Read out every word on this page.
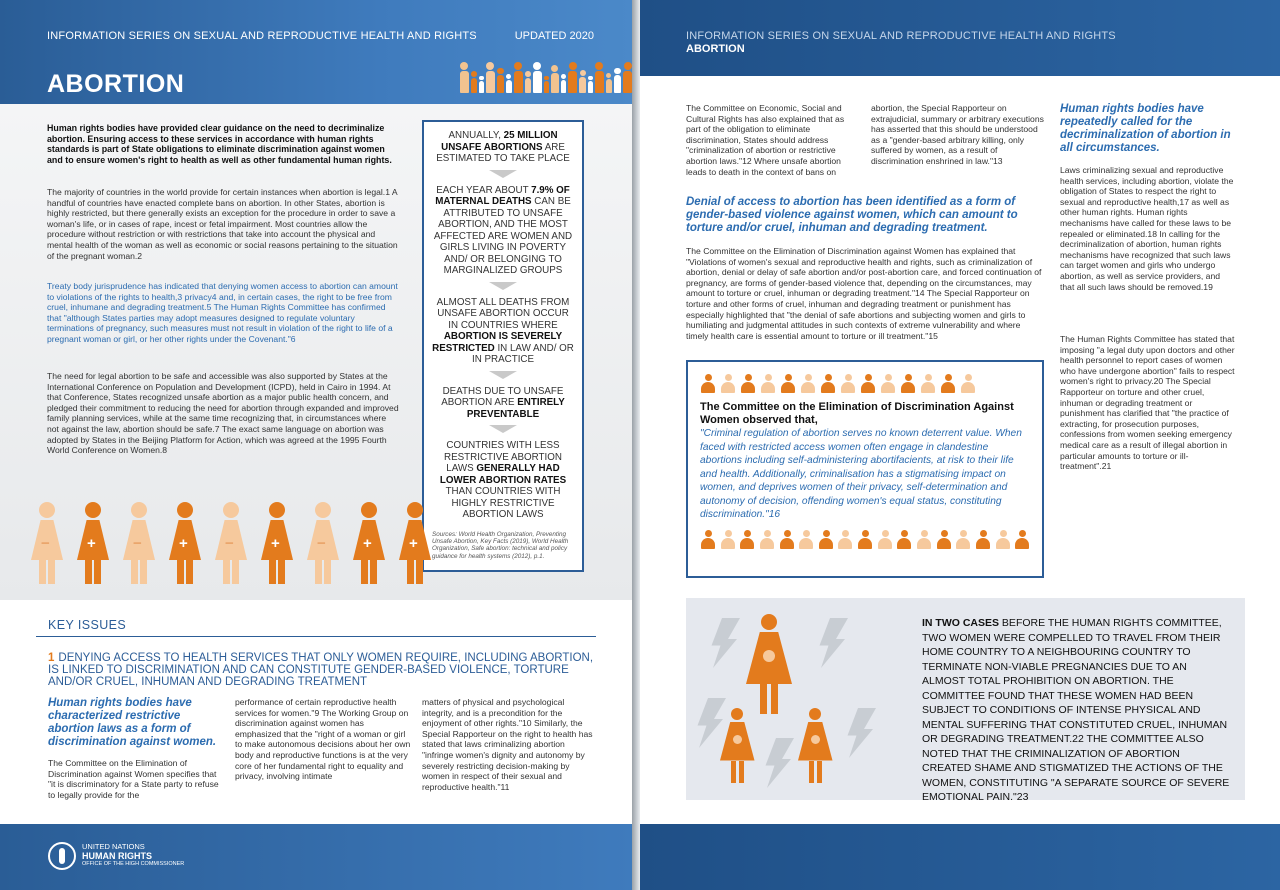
INFORMATION SERIES ON SEXUAL AND REPRODUCTIVE HEALTH AND RIGHTS	UPDATED 2020
ABORTION
Human rights bodies have provided clear guidance on the need to decriminalize abortion. Ensuring access to these services in accordance with human rights standards is part of State obligations to eliminate discrimination against women and to ensure women's right to health as well as other fundamental human rights.
The majority of countries in the world provide for certain instances when abortion is legal.1 A handful of countries have enacted complete bans on abortion. In other States, abortion is highly restricted, but there generally exists an exception for the procedure in order to save a woman's life, or in cases of rape, incest or fetal impairment. Most countries allow the procedure without restriction or with restrictions that take into account the physical and mental health of the woman as well as economic or social reasons pertaining to the situation of the pregnant woman.2
Treaty body jurisprudence has indicated that denying women access to abortion can amount to violations of the rights to health,3 privacy4 and, in certain cases, the right to be free from cruel, inhumane and degrading treatment.5 The Human Rights Committee has confirmed that "although States parties may adopt measures designed to regulate voluntary terminations of pregnancy, such measures must not result in violation of the right to life of a pregnant woman or girl, or her other rights under the Covenant."6
The need for legal abortion to be safe and accessible was also supported by States at the International Conference on Population and Development (ICPD), held in Cairo in 1994. At that Conference, States recognized unsafe abortion as a major public health concern, and pledged their commitment to reducing the need for abortion through expanded and improved family planning services, while at the same time recognizing that, in circumstances where not against the law, abortion should be safe.7 The exact same language on abortion was adopted by States in the Beijing Platform for Action, which was agreed at the 1995 Fourth World Conference on Women.8
ANNUALLY, 25 MILLION UNSAFE ABORTIONS ARE ESTIMATED TO TAKE PLACE
EACH YEAR ABOUT 7.9% OF MATERNAL DEATHS CAN BE ATTRIBUTED TO UNSAFE ABORTION, AND THE MOST AFFECTED ARE WOMEN AND GIRLS LIVING IN POVERTY AND/ OR BELONGING TO MARGINALIZED GROUPS
ALMOST ALL DEATHS FROM UNSAFE ABORTION OCCUR IN COUNTRIES WHERE ABORTION IS SEVERELY RESTRICTED IN LAW AND/ OR IN PRACTICE
DEATHS DUE TO UNSAFE ABORTION ARE ENTIRELY PREVENTABLE
COUNTRIES WITH LESS RESTRICTIVE ABORTION LAWS GENERALLY HAD LOWER ABORTION RATES THAN COUNTRIES WITH HIGHLY RESTRICTIVE ABORTION LAWS
Sources: World Health Organization, Preventing Unsafe Abortion, Key Facts (2019), World Health Organization, Safe abortion: technical and policy guidance for health systems (2012), p.1.
− + − + − + − + +
KEY ISSUES
1 DENYING ACCESS TO HEALTH SERVICES THAT ONLY WOMEN REQUIRE, INCLUDING ABORTION, IS LINKED TO DISCRIMINATION AND CAN CONSTITUTE GENDER-BASED VIOLENCE, TORTURE AND/OR CRUEL, INHUMAN AND DEGRADING TREATMENT
Human rights bodies have characterized restrictive abortion laws as a form of discrimination against women.
The Committee on the Elimination of Discrimination against Women specifies that "it is discriminatory for a State party to refuse to legally provide for the
performance of certain reproductive health services for women."9 The Working Group on discrimination against women has emphasized that the "right of a woman or girl to make autonomous decisions about her own body and reproductive functions is at the very core of her fundamental right to equality and privacy, involving intimate
matters of physical and psychological integrity, and is a precondition for the enjoyment of other rights."10 Similarly, the Special Rapporteur on the right to health has stated that laws criminalizing abortion "infringe women's dignity and autonomy by severely restricting decision-making by women in respect of their sexual and reproductive health."11
UNITED NATIONS
HUMAN RIGHTS
OFFICE OF THE HIGH COMMISSIONER
INFORMATION SERIES ON SEXUAL AND REPRODUCTIVE HEALTH AND RIGHTS
ABORTION
The Committee on Economic, Social and Cultural Rights has also explained that as part of the obligation to eliminate discrimination, States should address "criminalization of abortion or restrictive abortion laws."12 Where unsafe abortion leads to death in the context of bans on
abortion, the Special Rapporteur on extrajudicial, summary or arbitrary executions has asserted that this should be understood as a "gender-based arbitrary killing, only suffered by women, as a result of discrimination enshrined in law."13
Denial of access to abortion has been identified as a form of gender-based violence against women, which can amount to torture and/or cruel, inhuman and degrading treatment.
The Committee on the Elimination of Discrimination against Women has explained that "Violations of women's sexual and reproductive health and rights, such as criminalization of abortion, denial or delay of safe abortion and/or post-abortion care, and forced continuation of pregnancy, are forms of gender-based violence that, depending on the circumstances, may amount to torture or cruel, inhuman or degrading treatment."14 The Special Rapporteur on torture and other forms of cruel, inhuman and degrading treatment or punishment has especially highlighted that "the denial of safe abortions and subjecting women and girls to humiliating and judgmental attitudes in such contexts of extreme vulnerability and where timely health care is essential amount to torture or ill treatment."15
The Committee on the Elimination of Discrimination Against Women observed that,
"Criminal regulation of abortion serves no known deterrent value. When faced with restricted access women often engage in clandestine abortions including self-administering abortifacients, at risk to their life and health. Additionally, criminalisation has a stigmatising impact on women, and deprives women of their privacy, self-determination and autonomy of decision, offending women's equal status, constituting discrimination."16
Human rights bodies have repeatedly called for the decriminalization of abortion in all circumstances.
Laws criminalizing sexual and reproductive health services, including abortion, violate the obligation of States to respect the right to sexual and reproductive health,17 as well as other human rights. Human rights mechanisms have called for these laws to be repealed or eliminated.18 In calling for the decriminalization of abortion, human rights mechanisms have recognized that such laws can target women and girls who undergo abortion, as well as service providers, and that all such laws should be removed.19
The Human Rights Committee has stated that imposing "a legal duty upon doctors and other health personnel to report cases of women who have undergone abortion" fails to respect women's right to privacy.20 The Special Rapporteur on torture and other cruel, inhuman or degrading treatment or punishment has clarified that "the practice of extracting, for prosecution purposes, confessions from women seeking emergency medical care as a result of illegal abortion in particular amounts to torture or ill-treatment".21
IN TWO CASES BEFORE THE HUMAN RIGHTS COMMITTEE, TWO WOMEN WERE COMPELLED TO TRAVEL FROM THEIR HOME COUNTRY TO A NEIGHBOURING COUNTRY TO TERMINATE NON-VIABLE PREGNANCIES DUE TO AN ALMOST TOTAL PROHIBITION ON ABORTION. THE COMMITTEE FOUND THAT THESE WOMEN HAD BEEN SUBJECT TO CONDITIONS OF INTENSE PHYSICAL AND MENTAL SUFFERING THAT CONSTITUTED CRUEL, INHUMAN OR DEGRADING TREATMENT.22 THE COMMITTEE ALSO NOTED THAT THE CRIMINALIZATION OF ABORTION CREATED SHAME AND STIGMATIZED THE ACTIONS OF THE WOMEN, CONSTITUTING "A SEPARATE SOURCE OF SEVERE EMOTIONAL PAIN."23
